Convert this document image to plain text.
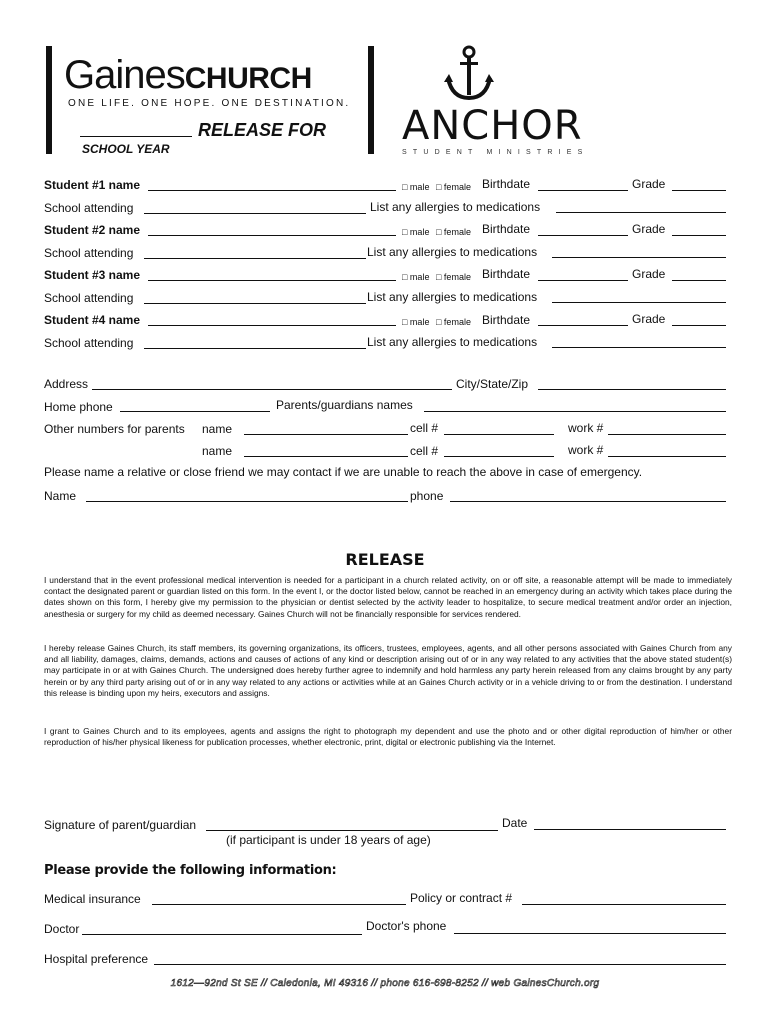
GainesCHURCH
ONE LIFE. ONE HOPE. ONE DESTINATION.
RELEASE FOR
SCHOOL YEAR	ANCHOR
STUDENT MINISTRIES
Student #1 name	□ male □ female Birthdate	Grade
School attending	List any allergies to medications
Student #2 name	□ male □ female Birthdate	Grade
School attending	List any allergies to medications
Student #3 name	□ male □ female Birthdate	Grade
School attending	List any allergies to medications
Student #4 name	□ male □ female Birthdate	Grade
School attending	List any allergies to medications
Address	City/State/Zip
Home phone	Parents/guardians names
Other numbers for parents name	cell #	work #
name	cell #	work #
Please name a relative or close friend we may contact if we are unable to reach the above in case of emergency.
Name	phone
RELEASE
I understand that in the event professional medical intervention is needed for a participant in a church related activity, on or off site, a reasonable attempt will be made to immediately contact the designated parent or guardian listed on this form. In the event I, or the doctor listed below, cannot be reached in an emergency during an activity which takes place during the dates shown on this form, I hereby give my permission to the physician or dentist selected by the activity leader to hospitalize, to secure medical treatment and/or order an injection, anesthesia or surgery for my child as deemed necessary. Gaines Church will not be financially responsible for services rendered.
I hereby release Gaines Church, its staff members, its governing organizations, its officers, trustees, employees, agents, and all other persons associated with Gaines Church from any and all liability, damages, claims, demands, actions and causes of actions of any kind or description arising out of or in any way related to any activities that the above stated student(s) may participate in or at with Gaines Church. The undersigned does hereby further agree to indemnify and hold harmless any party herein released from any claims brought by any party herein or by any third party arising out of or in any way related to any actions or activities while at an Gaines Church activity or in a vehicle driving to or from the destination. I understand this release is binding upon my heirs, executors and assigns.
I grant to Gaines Church and to its employees, agents and assigns the right to photograph my dependent and use the photo and or other digital reproduction of him/her or other reproduction of his/her physical likeness for publication processes, whether electronic, print, digital or electronic publishing via the Internet.
Signature of parent/guardian	Date
(if participant is under 18 years of age)
Please provide the following information:
Medical insurance	Policy or contract #
Doctor	Doctor's phone
Hospital preference
1612—92nd St SE // Caledonia, MI 49316 // phone 616-698-8252 // web GainesChurch.org
